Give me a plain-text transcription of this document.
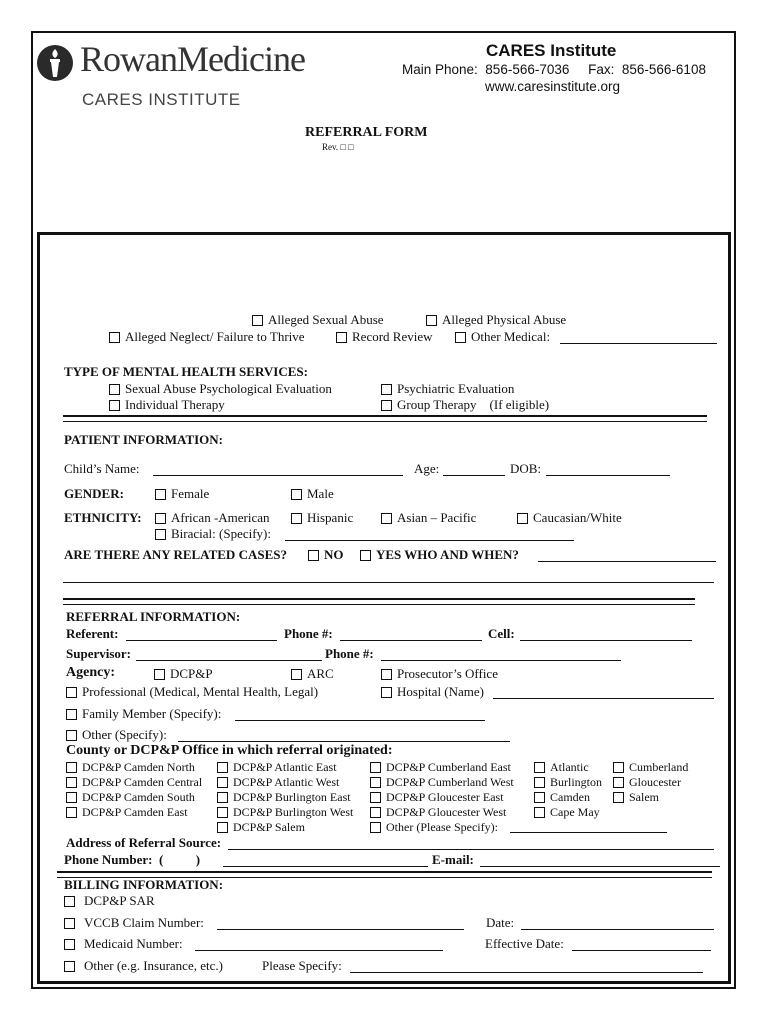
RowanMedicine
CARES INSTITUTE
CARES Institute
Main Phone:  856-566-7036     Fax:  856-566-6108
www.caresinstitute.org
REFERRAL FORM
Rev. □ □
Alleged Sexual Abuse	Alleged Physical Abuse
Alleged Neglect/ Failure to Thrive	Record Review	Other Medical:
TYPE OF MENTAL HEALTH SERVICES:
Sexual Abuse Psychological Evaluation	Psychiatric Evaluation
Individual Therapy	Group Therapy    (If eligible)
PATIENT INFORMATION:
Child’s Name:	Age:	DOB:
GENDER:	Female	Male
ETHNICITY:	African -American	Hispanic	Asian – Pacific	Caucasian/White
Biracial: (Specify):
ARE THERE ANY RELATED CASES?	NO	YES WHO AND WHEN?
REFERRAL INFORMATION:
Referent:	Phone #:	Cell:
Supervisor:	Phone #:
Agency:	DCP&P	ARC	Prosecutor’s Office
Professional (Medical, Mental Health, Legal)	Hospital (Name)
Family Member (Specify):
Other (Specify):
County or DCP&P Office in which referral originated:
DCP&P Camden North
DCP&P Camden Central
DCP&P Camden South
DCP&P Camden East
DCP&P Atlantic East
DCP&P Atlantic West
DCP&P Burlington East
DCP&P Burlington West
DCP&P Salem
DCP&P Cumberland East
DCP&P Cumberland West
DCP&P Gloucester East
DCP&P Gloucester West
Other (Please Specify):
Atlantic
Burlington
Camden
Cape May
Cumberland
Gloucester
Salem
Address of Referral Source:
Phone Number:  (          )	E-mail:
BILLING INFORMATION:
DCP&P SAR
VCCB Claim Number:	Date:
Medicaid Number:	Effective Date:
Other (e.g. Insurance, etc.)	Please Specify:
